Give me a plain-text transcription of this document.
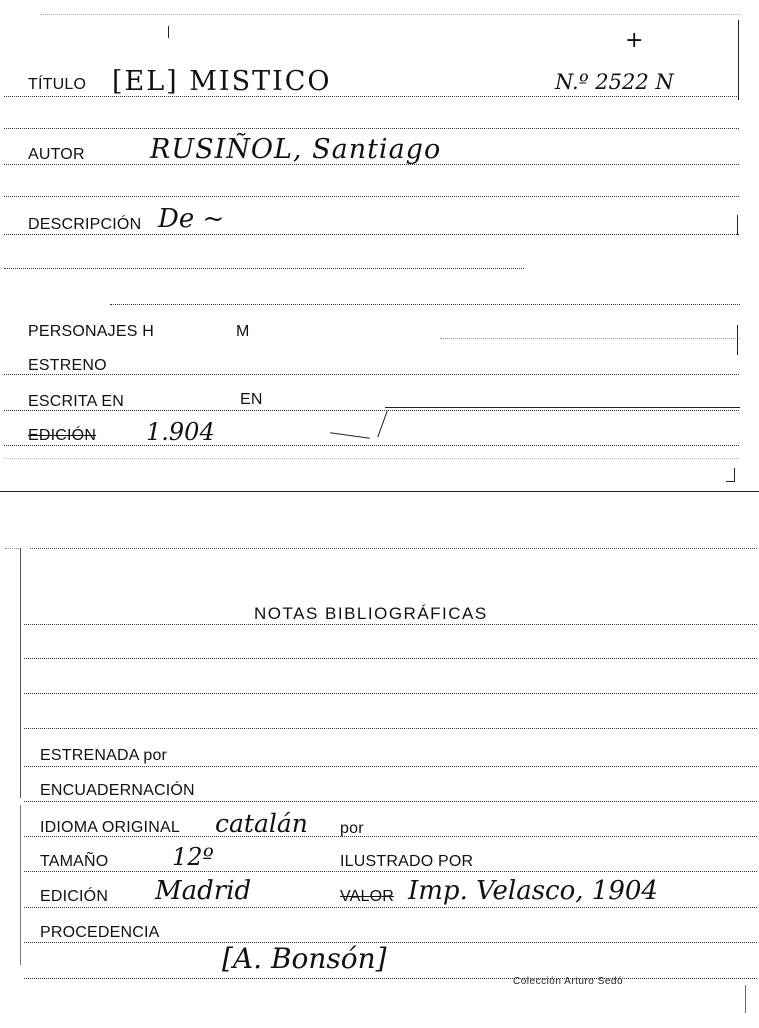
+
TÍTULO [EL] MISTICO	N.º 2522 N
AUTOR RUSIÑOL, Santiago
DESCRIPCIÓN De ~
PERSONAJES H	M
ESTRENO
ESCRITA EN	EN
EDICIÓN 1.904
NOTAS BIBLIOGRÁFICAS
ESTRENADA por
ENCUADERNACIÓN
IDIOMA ORIGINAL catalán por
TAMAÑO	12º	ILUSTRADO POR
EDICIÓN Madrid	VALOR Imp. Velasco, 1904
PROCEDENCIA
[A. Bonsón]
Colección Arturo Sedó
